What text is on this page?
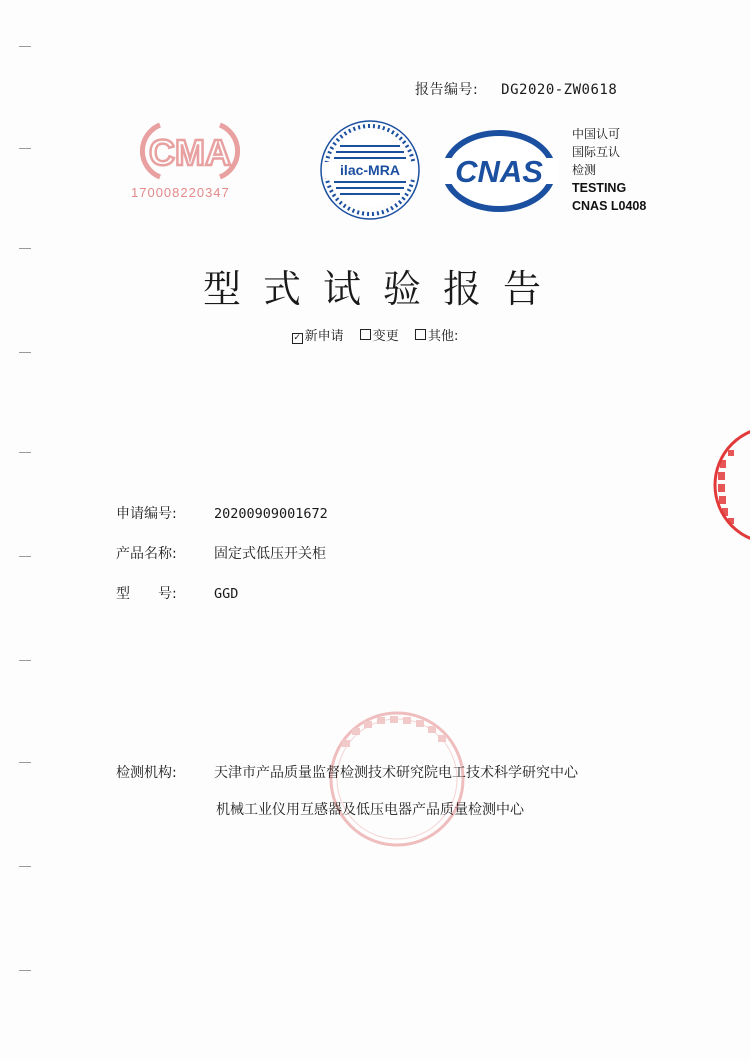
报告编号: DG2020-ZW0618
CMA
170008220347
ilac-MRA CNAS
中国认可
国际互认
检测
TESTING
CNAS L0408
型式试验报告
✓ 新申请 变更 其他:
申请编号:	20200909001672
产品名称:	固定式低压开关柜
型　　号:	GGD
检测机构:	天津市产品质量监督检测技术研究院电工技术科学研究中心
机械工业仪用互感器及低压电器产品质量检测中心
